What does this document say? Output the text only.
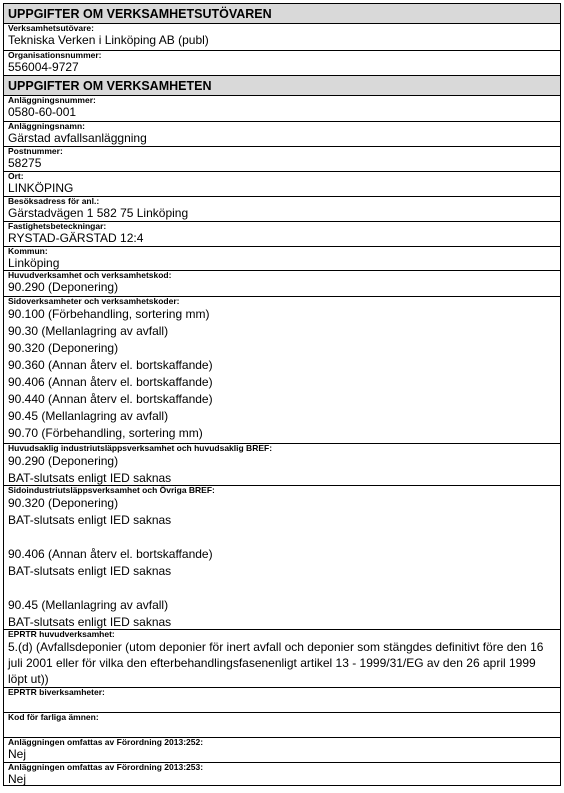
UPPGIFTER OM VERKSAMHETSUTÖVAREN
Verksamhetsutövare:
Tekniska Verken i Linköping AB (publ)
Organisationsnummer:
556004-9727
UPPGIFTER OM VERKSAMHETEN
Anläggningsnummer:
0580-60-001
Anläggningsnamn:
Gärstad avfallsanläggning
Postnummer:
58275
Ort:
LINKÖPING
Besöksadress för anl.:
Gärstadvägen 1 582 75 Linköping
Fastighetsbeteckningar:
RYSTAD-GÄRSTAD 12:4
Kommun:
Linköping
Huvudverksamhet och verksamhetskod:
90.290 (Deponering)
Sidoverksamheter och verksamhetskoder:
90.100 (Förbehandling, sortering mm)
90.30 (Mellanlagring av avfall)
90.320 (Deponering)
90.360 (Annan återv el. bortskaffande)
90.406 (Annan återv el. bortskaffande)
90.440 (Annan återv el. bortskaffande)
90.45 (Mellanlagring av avfall)
90.70 (Förbehandling, sortering mm)
Huvudsaklig industriutsläppsverksamhet och huvudsaklig BREF:
90.290 (Deponering)
BAT-slutsats enligt IED saknas
Sidoindustriutsläppsverksamhet och Övriga BREF:
90.320 (Deponering)
BAT-slutsats enligt IED saknas
90.406 (Annan återv el. bortskaffande)
BAT-slutsats enligt IED saknas
90.45 (Mellanlagring av avfall)
BAT-slutsats enligt IED saknas
EPRTR huvudverksamhet:
5.(d) (Avfallsdeponier (utom deponier för inert avfall och deponier som stängdes definitivt före den 16 juli 2001 eller för vilka den efterbehandlingsfasenenligt artikel 13 - 1999/31/EG av den 26 april 1999 löpt ut))
EPRTR biverksamheter:
Kod för farliga ämnen:
Anläggningen omfattas av Förordning 2013:252:
Nej
Anläggningen omfattas av Förordning 2013:253:
Nej
